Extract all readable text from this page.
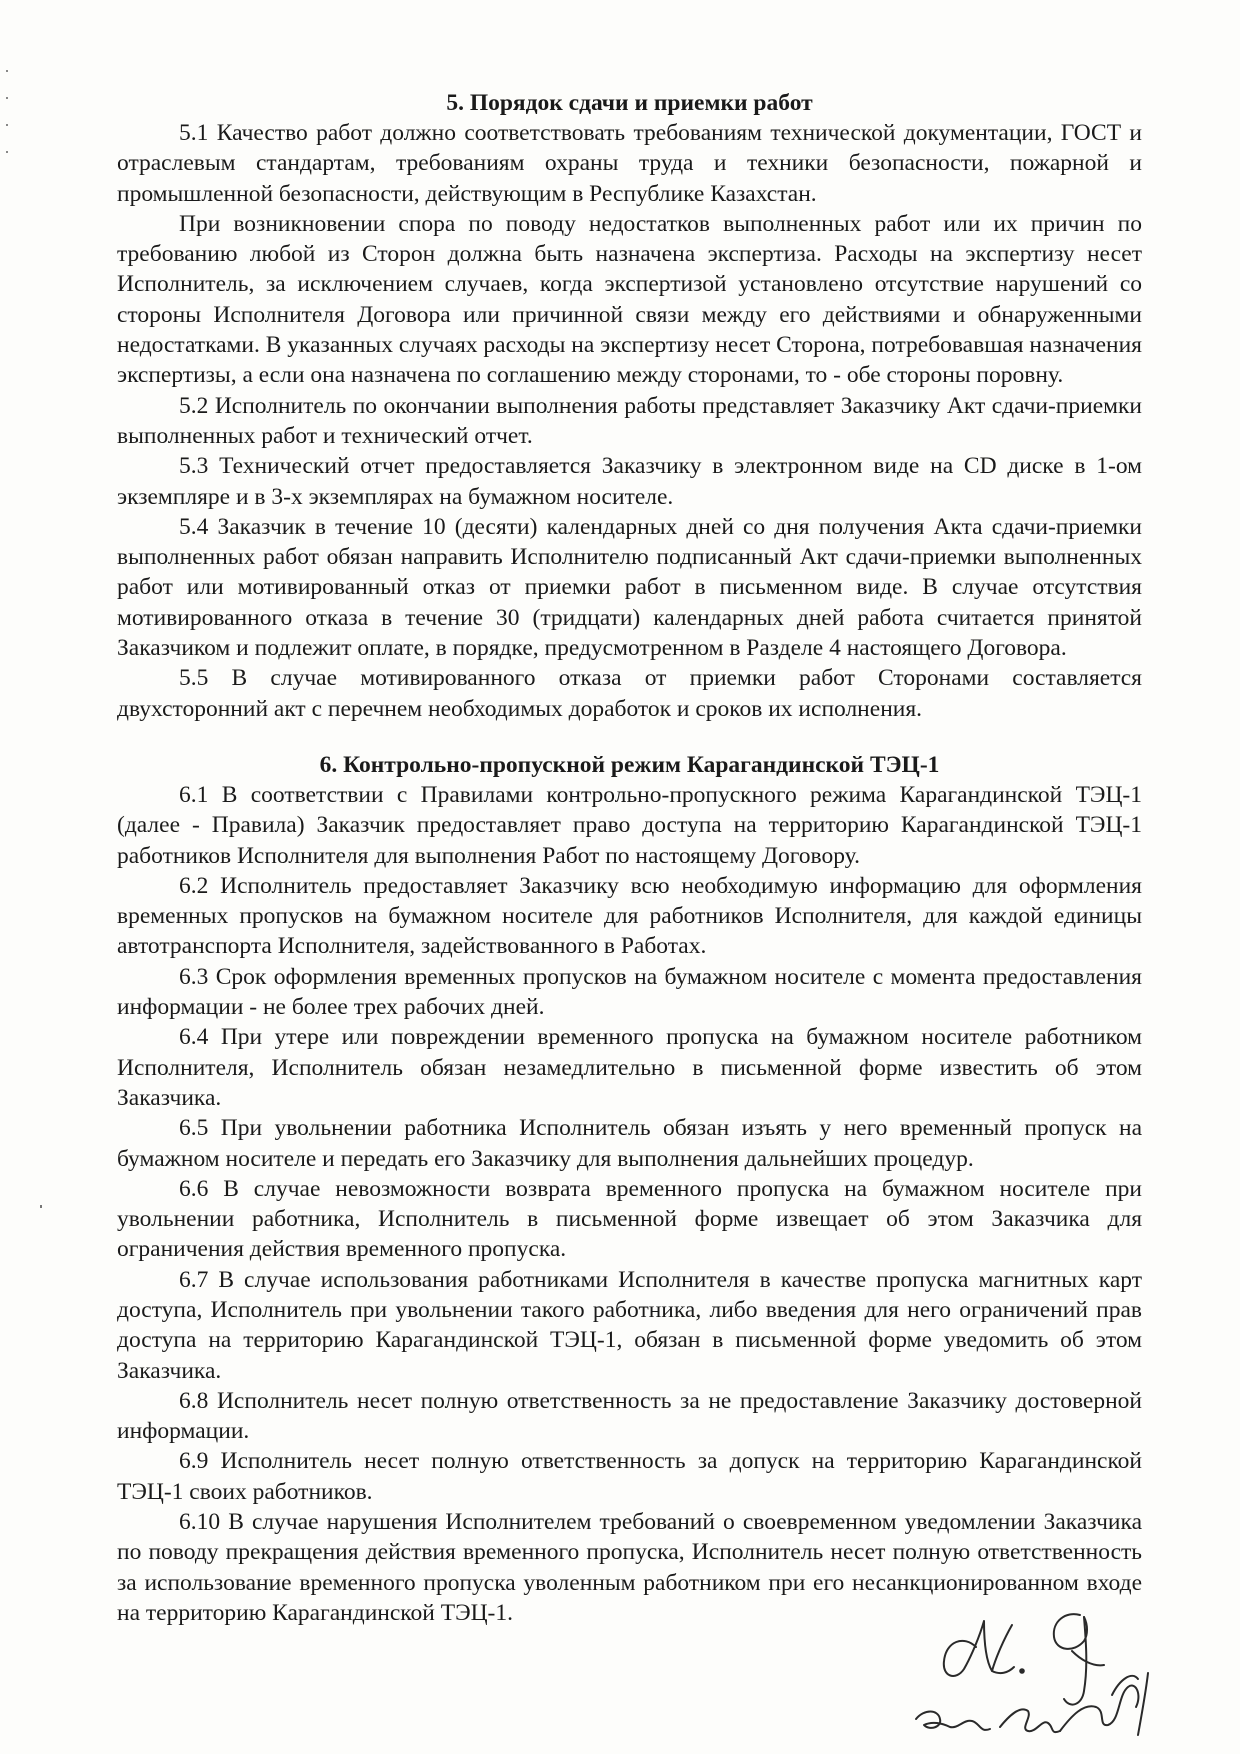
5. Порядок сдачи и приемки работ

5.1 Качество работ должно соответствовать требованиям технической документации, ГОСТ и отраслевым стандартам, требованиям охраны труда и техники безопасности, пожарной и промышленной безопасности, действующим в Республике Казахстан.

При возникновении спора по поводу недостатков выполненных работ или их причин по требованию любой из Сторон должна быть назначена экспертиза. Расходы на экспертизу несет Исполнитель, за исключением случаев, когда экспертизой установлено отсутствие нарушений со стороны Исполнителя Договора или причинной связи между его действиями и обнаруженными недостатками. В указанных случаях расходы на экспертизу несет Сторона, потребовавшая назначения экспертизы, а если она назначена по соглашению между сторонами, то - обе стороны поровну.

5.2 Исполнитель по окончании выполнения работы представляет Заказчику Акт сдачи-приемки выполненных работ и технический отчет.

5.3 Технический отчет предоставляется Заказчику в электронном виде на CD диске в 1-ом экземпляре и в 3-х экземплярах на бумажном носителе.

5.4 Заказчик в течение 10 (десяти) календарных дней со дня получения Акта сдачи-приемки выполненных работ обязан направить Исполнителю подписанный Акт сдачи-приемки выполненных работ или мотивированный отказ от приемки работ в письменном виде. В случае отсутствия мотивированного отказа в течение 30 (тридцати) календарных дней работа считается принятой Заказчиком и подлежит оплате, в порядке, предусмотренном в Разделе 4 настоящего Договора.

5.5 В случае мотивированного отказа от приемки работ Сторонами составляется двухсторонний акт с перечнем необходимых доработок и сроков их исполнения.

6. Контрольно-пропускной режим Карагандинской ТЭЦ-1

6.1 В соответствии с Правилами контрольно-пропускного режима Карагандинской ТЭЦ-1 (далее - Правила) Заказчик предоставляет право доступа на территорию Карагандинской ТЭЦ-1 работников Исполнителя для выполнения Работ по настоящему Договору.

6.2 Исполнитель предоставляет Заказчику всю необходимую информацию для оформления временных пропусков на бумажном носителе для работников Исполнителя, для каждой единицы автотранспорта Исполнителя, задействованного в Работах.

6.3 Срок оформления временных пропусков на бумажном носителе с момента предоставления информации - не более трех рабочих дней.

6.4 При утере или повреждении временного пропуска на бумажном носителе работником Исполнителя, Исполнитель обязан незамедлительно в письменной форме известить об этом Заказчика.

6.5 При увольнении работника Исполнитель обязан изъять у него временный пропуск на бумажном носителе и передать его Заказчику для выполнения дальнейших процедур.

6.6 В случае невозможности возврата временного пропуска на бумажном носителе при увольнении работника, Исполнитель в письменной форме извещает об этом Заказчика для ограничения действия временного пропуска.

6.7 В случае использования работниками Исполнителя в качестве пропуска магнитных карт доступа, Исполнитель при увольнении такого работника, либо введения для него ограничений прав доступа на территорию Карагандинской ТЭЦ-1, обязан в письменной форме уведомить об этом Заказчика.

6.8 Исполнитель несет полную ответственность за не предоставление Заказчику достоверной информации.

6.9 Исполнитель несет полную ответственность за допуск на территорию Карагандинской ТЭЦ-1 своих работников.

6.10 В случае нарушения Исполнителем требований о своевременном уведомлении Заказчика по поводу прекращения действия временного пропуска, Исполнитель несет полную ответственность за использование временного пропуска уволенным работником при его несанкционированном входе на территорию Карагандинской ТЭЦ-1.
